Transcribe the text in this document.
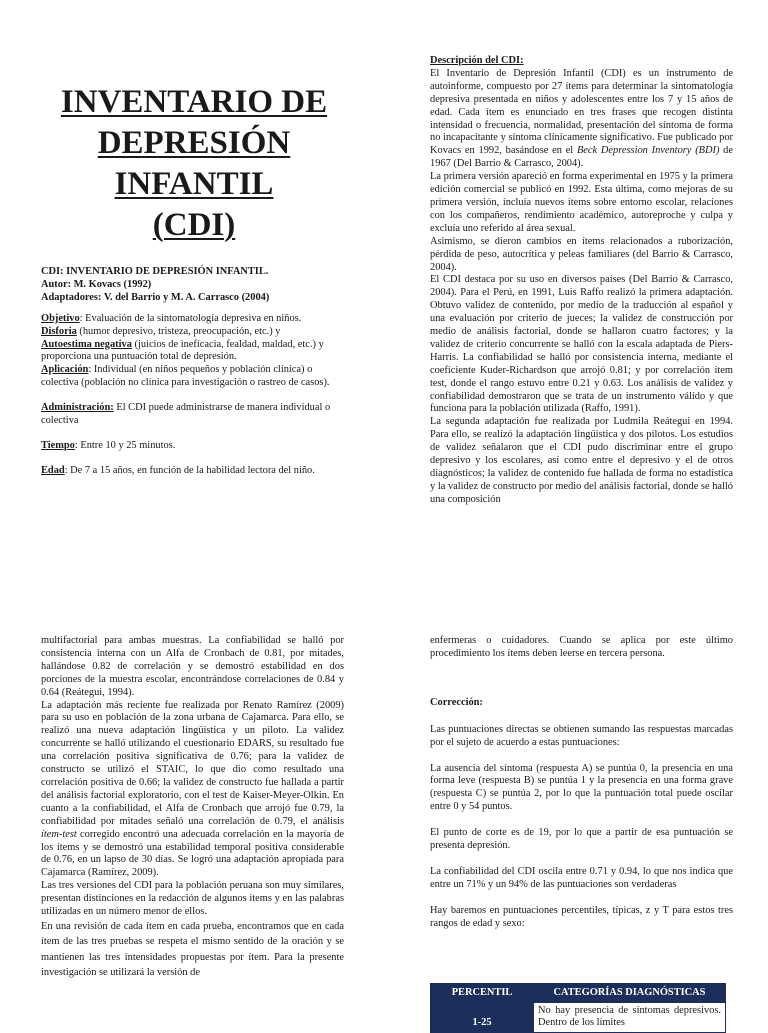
INVENTARIO DE
DEPRESIÓN
INFANTIL
(CDI)

CDI: INVENTARIO DE DEPRESIÓN INFANTIL.

Autor: M. Kovacs (1992)

Adaptadores: V. del Barrio y M. A. Carrasco (2004)

Objetivo: Evaluación de la sintomatología depresiva en niños.

Disforia (humor depresivo, tristeza, preocupación, etc.) y

Autoestima negativa (juicios de ineficacia, fealdad, maldad, etc.) y proporciona una puntuación total de depresión.

Aplicación: Individual (en niños pequeños y población clínica) o colectiva (población no clínica para investigación o rastreo de casos).

Administración: El CDI puede administrarse de manera individual o colectiva

Tiempo: Entre 10 y 25 minutos.

Edad: De 7 a 15 años, en función de la habilidad lectora del niño.

Descripción del CDI:

El Inventario de Depresión Infantil (CDI) es un instrumento de autoinforme, compuesto por 27 ítems para determinar la sintomatología depresiva presentada en niños y adolescentes entre los 7 y 15 años de edad. Cada ítem es enunciado en tres frases que recogen distinta intensidad o frecuencia, normalidad, presentación del síntoma de forma no incapacitante y síntoma clínicamente significativo. Fue publicado por Kovacs en 1992, basándose en el Beck Depression Inventory (BDI) de 1967 (Del Barrio & Carrasco, 2004).

La primera versión apareció en forma experimental en 1975 y la primera edición comercial se publicó en 1992. Esta última, como mejoras de su primera versión, incluía nuevos ítems sobre entorno escolar, relaciones con los compañeros, rendimiento académico, autoreproche y culpa y excluía uno referido al área sexual.

Asimismo, se dieron cambios en ítems relacionados a ruborización, pérdida de peso, autocrítica y peleas familiares (del Barrio & Carrasco, 2004).

El CDI destaca por su uso en diversos países (Del Barrio & Carrasco, 2004). Para el Perú, en 1991, Luis Raffo realizó la primera adaptación. Obtuvo validez de contenido, por medio de la traducción al español y una evaluación por criterio de jueces; la validez de construcción por medio de análisis factorial, donde se hallaron cuatro factores; y la validez de criterio concurrente se halló con la escala adaptada de Piers-Harris. La confiabilidad se halló por consistencia interna, mediante el coeficiente Kuder-Richardson que arrojó 0.81; y por correlación ítem test, donde el rango estuvo entre 0.21 y 0.63. Los análisis de validez y confiabilidad demostraron que se trata de un instrumento válido y que funciona para la población utilizada (Raffo, 1991).

La segunda adaptación fue realizada por Ludmila Reátegui en 1994. Para ello, se realizó la adaptación lingüística y dos pilotos. Los estudios de validez señalaron que el CDI pudo discriminar entre el grupo depresivo y los escolares, así como entre el depresivo y el de otros diagnósticos; la validez de contenido fue hallada de forma no estadística y la validez de constructo por medio del análisis factorial, donde se halló una composición

multifactorial para ambas muestras. La confiabilidad se halló por consistencia interna con un Alfa de Cronbach de 0.81, por mitades, hallándose 0.82 de correlación y se demostró estabilidad en dos porciones de la muestra escolar, encontrándose correlaciones de 0.84 y 0.64 (Reátegui, 1994).

La adaptación más reciente fue realizada por Renato Ramírez (2009) para su uso en población de la zona urbana de Cajamarca. Para ello, se realizó una nueva adaptación lingüística y un piloto. La validez concurrente se halló utilizando el cuestionario EDARS, su resultado fue una correlación positiva significativa de 0.76; para la validez de constructo se utilizó el STAIC, lo que dio como resultado una correlación positiva de 0.66; la validez de constructo fue hallada a partir del análisis factorial exploratorio, con el test de Kaiser-Meyer-Olkin. En cuanto a la confiabilidad, el Alfa de Cronbach que arrojó fue 0.79, la confiabilidad por mitades señaló una correlación de 0.79, el análisis ítem-test corregido encontró una adecuada correlación en la mayoría de los ítems y se demostró una estabilidad temporal positiva considerable de 0.76, en un lapso de 30 días. Se logró una adaptación apropiada para Cajamarca (Ramírez, 2009).

Las tres versiones del CDI para la población peruana son muy similares, presentan distinciones en la redacción de algunos ítems y en las palabras utilizadas en un número menor de ellos.

En una revisión de cada ítem en cada prueba, encontramos que en cada ítem de las tres pruebas se respeta el mismo sentido de la oración y se mantienen las tres intensidades propuestas por ítem. Para la presente investigación se utilizará la versión de

enfermeras o cuidadores. Cuando se aplica por este último procedimiento los ítems deben leerse en tercera persona.

Corrección:

Las puntuaciones directas se obtienen sumando las respuestas marcadas por el sujeto de acuerdo a estas puntuaciones:

La ausencia del síntoma (respuesta A) se puntúa 0, la presencia en una forma leve (respuesta B) se puntúa 1 y la presencia en una forma grave (respuesta C) se puntúa 2, por lo que la puntuación total puede oscilar entre 0 y 54 puntos.

El punto de corte es de 19, por lo que a partir de esa puntuación se presenta depresión.

La confiabilidad del CDI oscila entre 0.71 y 0.94, lo que nos indica que entre un 71% y un 94% de las puntuaciones son verdaderas

Hay baremos en puntuaciones percentiles, típicas, z y T para estos tres rangos de edad y sexo:

PERCENTIL	CATEGORÍAS DIAGNÓSTICAS
1-25	No hay presencia de síntomas depresivos. Dentro de los límites
